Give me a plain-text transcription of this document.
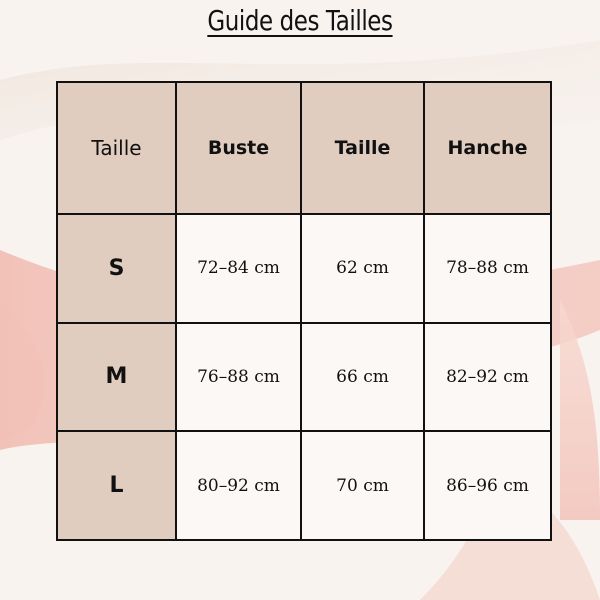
Guide des Tailles
Taille	Buste	Taille	Hanche
S	72–84 cm	62 cm	78–88 cm
M	76–88 cm	66 cm	82–92 cm
L	80–92 cm	70 cm	86–96 cm
